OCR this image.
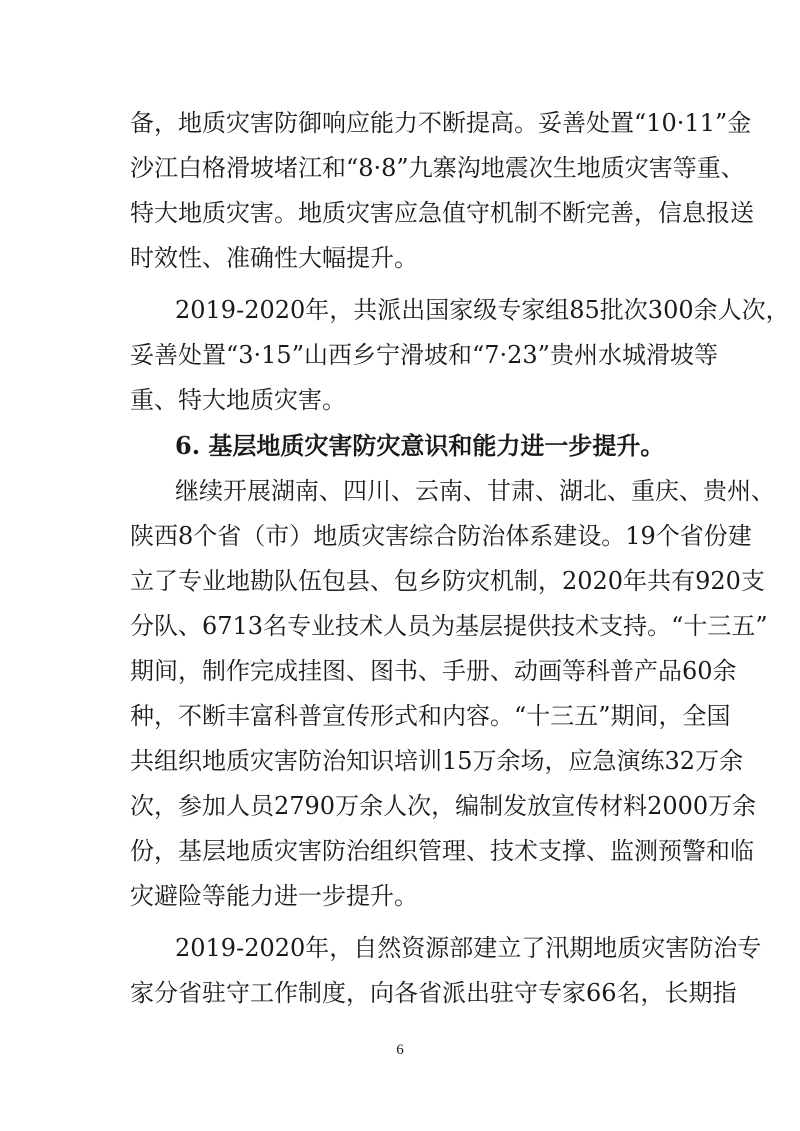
备，地质灾害防御响应能力不断提高。妥善处置“10·11”金
沙江白格滑坡堵江和“8·8”九寨沟地震次生地质灾害等重、
特大地质灾害。地质灾害应急值守机制不断完善，信息报送
时效性、准确性大幅提升。
2019-2020年，共派出国家级专家组85批次300余人次，
妥善处置“3·15”山西乡宁滑坡和“7·23”贵州水城滑坡等
重、特大地质灾害。
6. 基层地质灾害防灾意识和能力进一步提升。
继续开展湖南、四川、云南、甘肃、湖北、重庆、贵州、
陕西8个省（市）地质灾害综合防治体系建设。19个省份建
立了专业地勘队伍包县、包乡防灾机制，2020年共有920支
分队、6713名专业技术人员为基层提供技术支持。“十三五”
期间，制作完成挂图、图书、手册、动画等科普产品60余
种，不断丰富科普宣传形式和内容。“十三五”期间，全国
共组织地质灾害防治知识培训15万余场，应急演练32万余
次，参加人员2790万余人次，编制发放宣传材料2000万余
份，基层地质灾害防治组织管理、技术支撑、监测预警和临
灾避险等能力进一步提升。
2019-2020年，自然资源部建立了汛期地质灾害防治专
家分省驻守工作制度，向各省派出驻守专家66名，长期指
6
